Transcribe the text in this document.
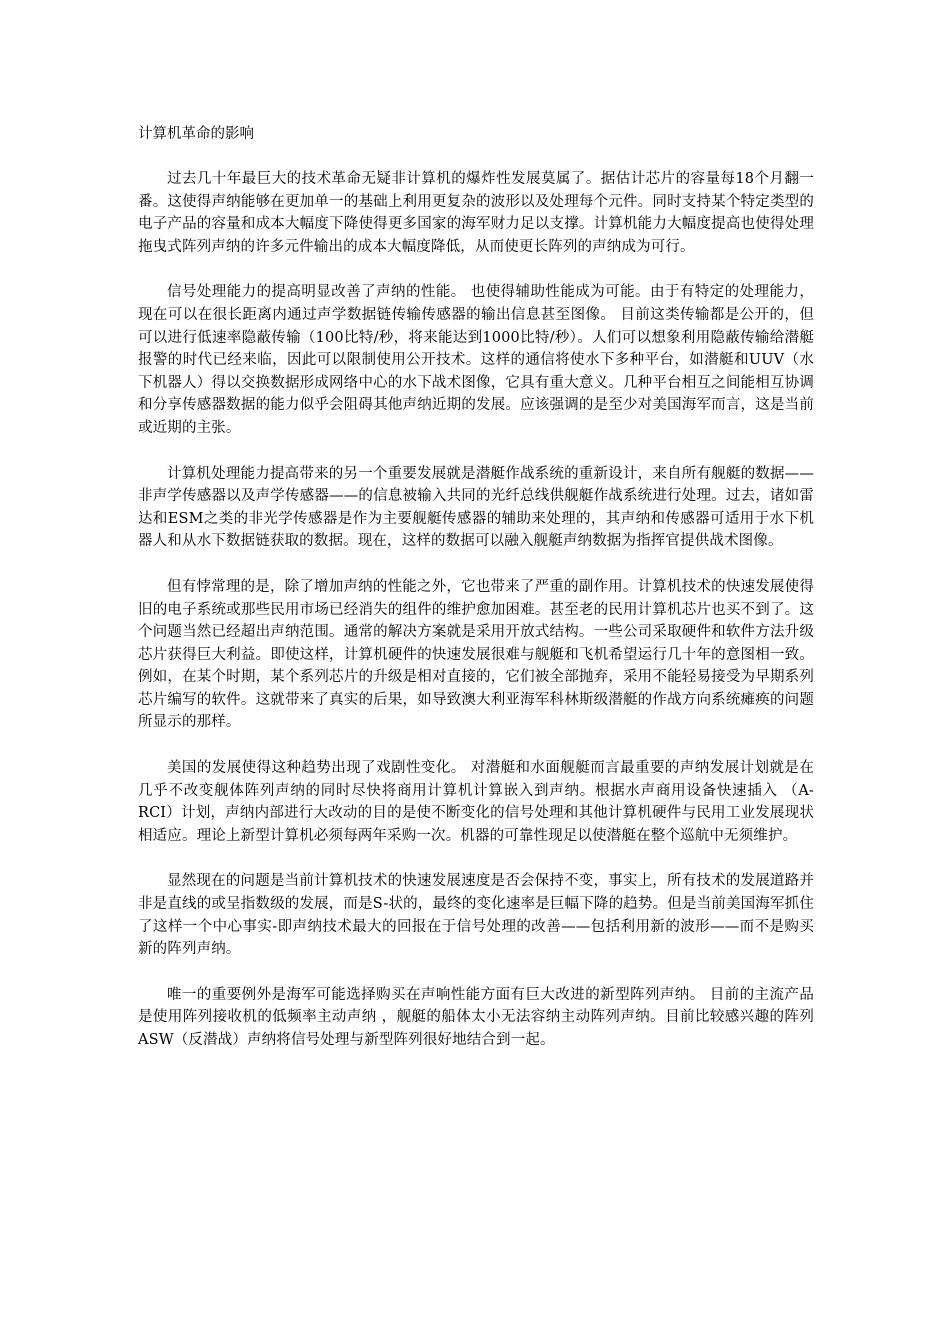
计算机革命的影响

过去几十年最巨大的技术革命无疑非计算机的爆炸性发展莫属了。据估计芯片的容量每18个月翻一番。这使得声纳能够在更加单一的基础上利用更复杂的波形以及处理每个元件。同时支持某个特定类型的电子产品的容量和成本大幅度下降使得更多国家的海军财力足以支撑。计算机能力大幅度提高也使得处理拖曳式阵列声纳的许多元件输出的成本大幅度降低，从而使更长阵列的声纳成为可行。

信号处理能力的提高明显改善了声纳的性能。 也使得辅助性能成为可能。由于有特定的处理能力，现在可以在很长距离内通过声学数据链传输传感器的输出信息甚至图像。 目前这类传输都是公开的，但可以进行低速率隐蔽传输（100比特/秒，将来能达到1000比特/秒）。人们可以想象利用隐蔽传输给潜艇报警的时代已经来临，因此可以限制使用公开技术。这样的通信将使水下多种平台，如潜艇和UUV（水下机器人）得以交换数据形成网络中心的水下战术图像，它具有重大意义。几种平台相互之间能相互协调和分享传感器数据的能力似乎会阻碍其他声纳近期的发展。应该强调的是至少对美国海军而言，这是当前或近期的主张。

计算机处理能力提高带来的另一个重要发展就是潜艇作战系统的重新设计，来自所有舰艇的数据——非声学传感器以及声学传感器——的信息被输入共同的光纤总线供舰艇作战系统进行处理。过去，诸如雷达和ESM之类的非光学传感器是作为主要舰艇传感器的辅助来处理的，其声纳和传感器可适用于水下机器人和从水下数据链获取的数据。现在，这样的数据可以融入舰艇声纳数据为指挥官提供战术图像。

但有悖常理的是，除了增加声纳的性能之外，它也带来了严重的副作用。计算机技术的快速发展使得旧的电子系统或那些民用市场已经消失的组件的维护愈加困难。甚至老的民用计算机芯片也买不到了。这个问题当然已经超出声纳范围。通常的解决方案就是采用开放式结构。一些公司采取硬件和软件方法升级芯片获得巨大利益。即使这样，计算机硬件的快速发展很难与舰艇和飞机希望运行几十年的意图相一致。例如，在某个时期，某个系列芯片的升级是相对直接的，它们被全部抛弃，采用不能轻易接受为早期系列芯片编写的软件。这就带来了真实的后果，如导致澳大利亚海军科林斯级潜艇的作战方向系统瘫痪的问题所显示的那样。

美国的发展使得这种趋势出现了戏剧性变化。 对潜艇和水面舰艇而言最重要的声纳发展计划就是在几乎不改变舰体阵列声纳的同时尽快将商用计算机计算嵌入到声纳。根据水声商用设备快速插入 （A-RCI）计划，声纳内部进行大改动的目的是使不断变化的信号处理和其他计算机硬件与民用工业发展现状相适应。理论上新型计算机必须每两年采购一次。机器的可靠性现足以使潜艇在整个巡航中无须维护。

显然现在的问题是当前计算机技术的快速发展速度是否会保持不变，事实上，所有技术的发展道路并非是直线的或呈指数级的发展，而是S-状的，最终的变化速率是巨幅下降的趋势。但是当前美国海军抓住了这样一个中心事实-即声纳技术最大的回报在于信号处理的改善——包括利用新的波形——而不是购买新的阵列声纳。

唯一的重要例外是海军可能选择购买在声响性能方面有巨大改进的新型阵列声纳。 目前的主流产品是使用阵列接收机的低频率主动声纳 ，舰艇的船体太小无法容纳主动阵列声纳。目前比较感兴趣的阵列ASW（反潜战）声纳将信号处理与新型阵列很好地结合到一起。
